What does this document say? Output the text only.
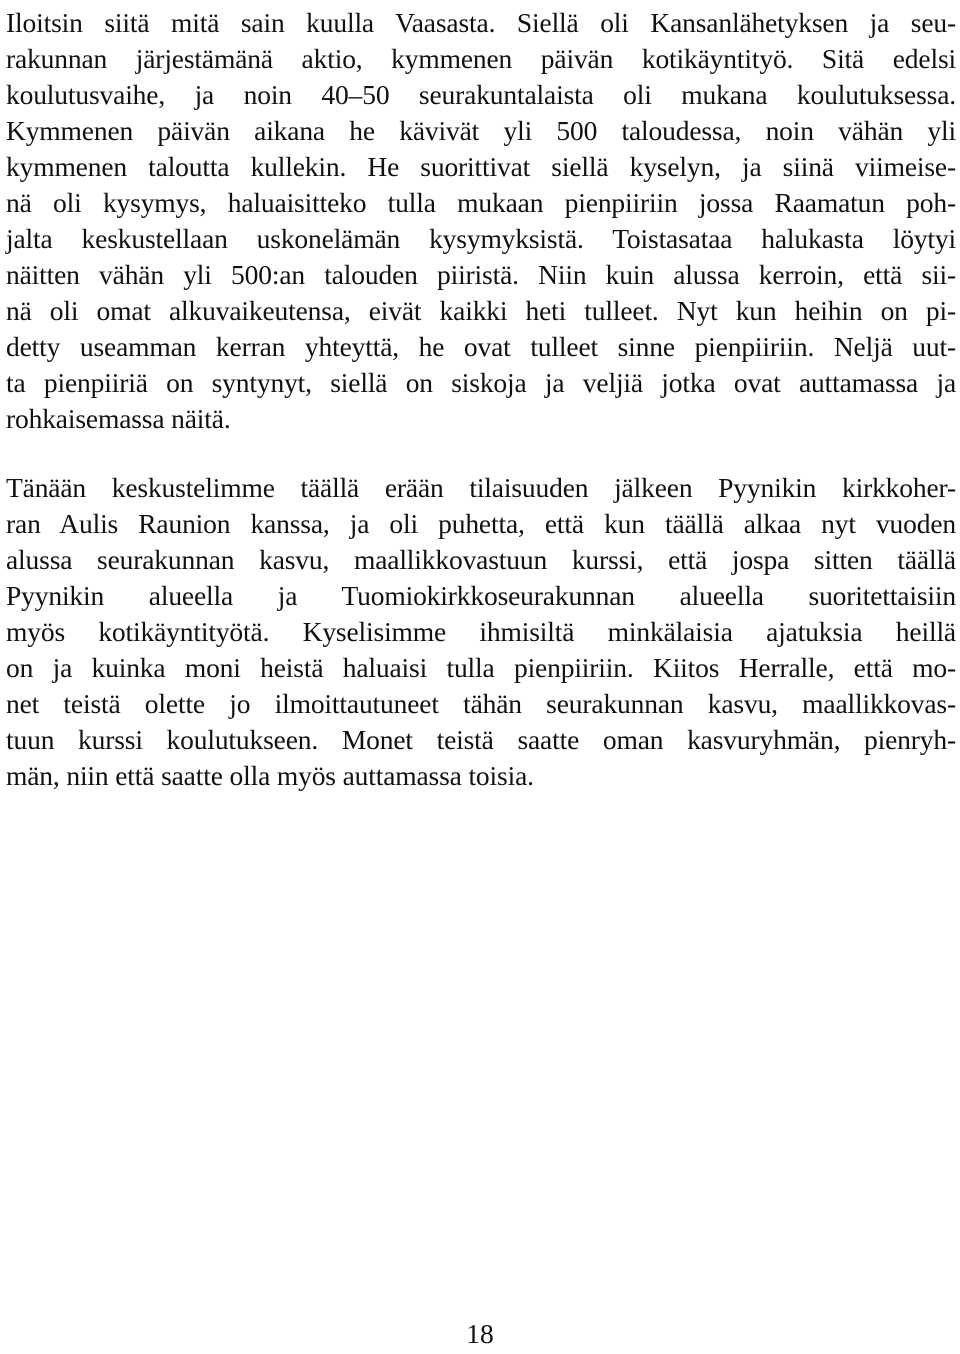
Iloitsin siitä mitä sain kuulla Vaasasta. Siellä oli Kansanlähetyksen ja seu-
rakunnan järjestämänä aktio, kymmenen päivän kotikäyntityö. Sitä edelsi
koulutusvaihe, ja noin 40–50 seurakuntalaista oli mukana koulutuksessa.
Kymmenen päivän aikana he kävivät yli 500 taloudessa, noin vähän yli
kymmenen taloutta kullekin. He suorittivat siellä kyselyn, ja siinä viimeise-
nä oli kysymys, haluaisitteko tulla mukaan pienpiiriin jossa Raamatun poh-
jalta keskustellaan uskonelämän kysymyksistä. Toistasataa halukasta löytyi
näitten vähän yli 500:an talouden piiristä. Niin kuin alussa kerroin, että sii-
nä oli omat alkuvaikeutensa, eivät kaikki heti tulleet. Nyt kun heihin on pi-
detty useamman kerran yhteyttä, he ovat tulleet sinne pienpiiriin. Neljä uut-
ta pienpiiriä on syntynyt, siellä on siskoja ja veljiä jotka ovat auttamassa ja
rohkaisemassa näitä.
Tänään keskustelimme täällä erään tilaisuuden jälkeen Pyynikin kirkkoher-
ran Aulis Raunion kanssa, ja oli puhetta, että kun täällä alkaa nyt vuoden
alussa seurakunnan kasvu, maallikkovastuun kurssi, että jospa sitten täällä
Pyynikin alueella ja Tuomiokirkkoseurakunnan alueella suoritettaisiin
myös kotikäyntityötä. Kyselisimme ihmisiltä minkälaisia ajatuksia heillä
on ja kuinka moni heistä haluaisi tulla pienpiiriin. Kiitos Herralle, että mo-
net teistä olette jo ilmoittautuneet tähän seurakunnan kasvu, maallikkovas-
tuun kurssi koulutukseen. Monet teistä saatte oman kasvuryhmän, pienryh-
män, niin että saatte olla myös auttamassa toisia.
18
